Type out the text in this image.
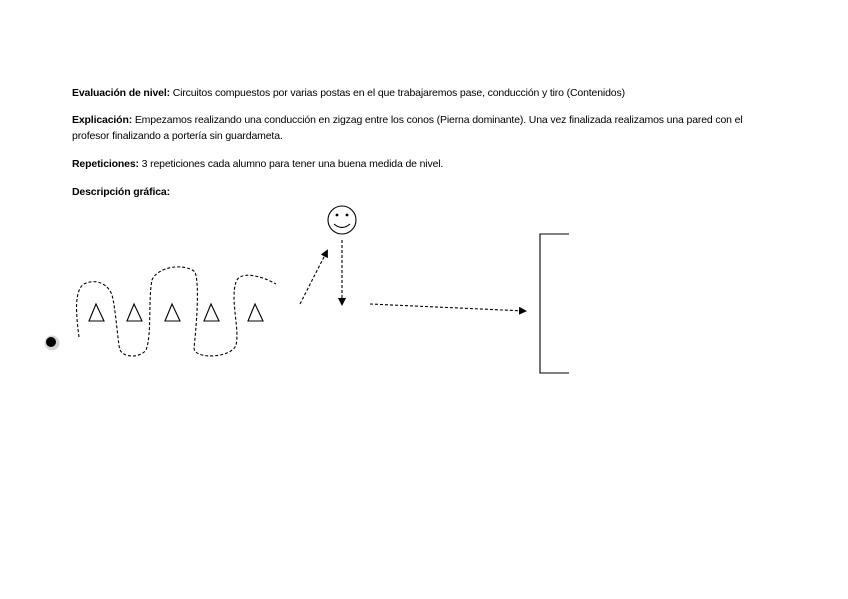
Evaluación de nivel: Circuitos compuestos por varias postas en el que trabajaremos pase, conducción y tiro (Contenidos)
Explicación: Empezamos realizando una conducción en zigzag entre los conos (Pierna dominante). Una vez finalizada realizamos una pared con el profesor finalizando a portería sin guardameta.
Repeticiones: 3 repeticiones cada alumno para tener una buena medida de nivel.
Descripción gráfica:
